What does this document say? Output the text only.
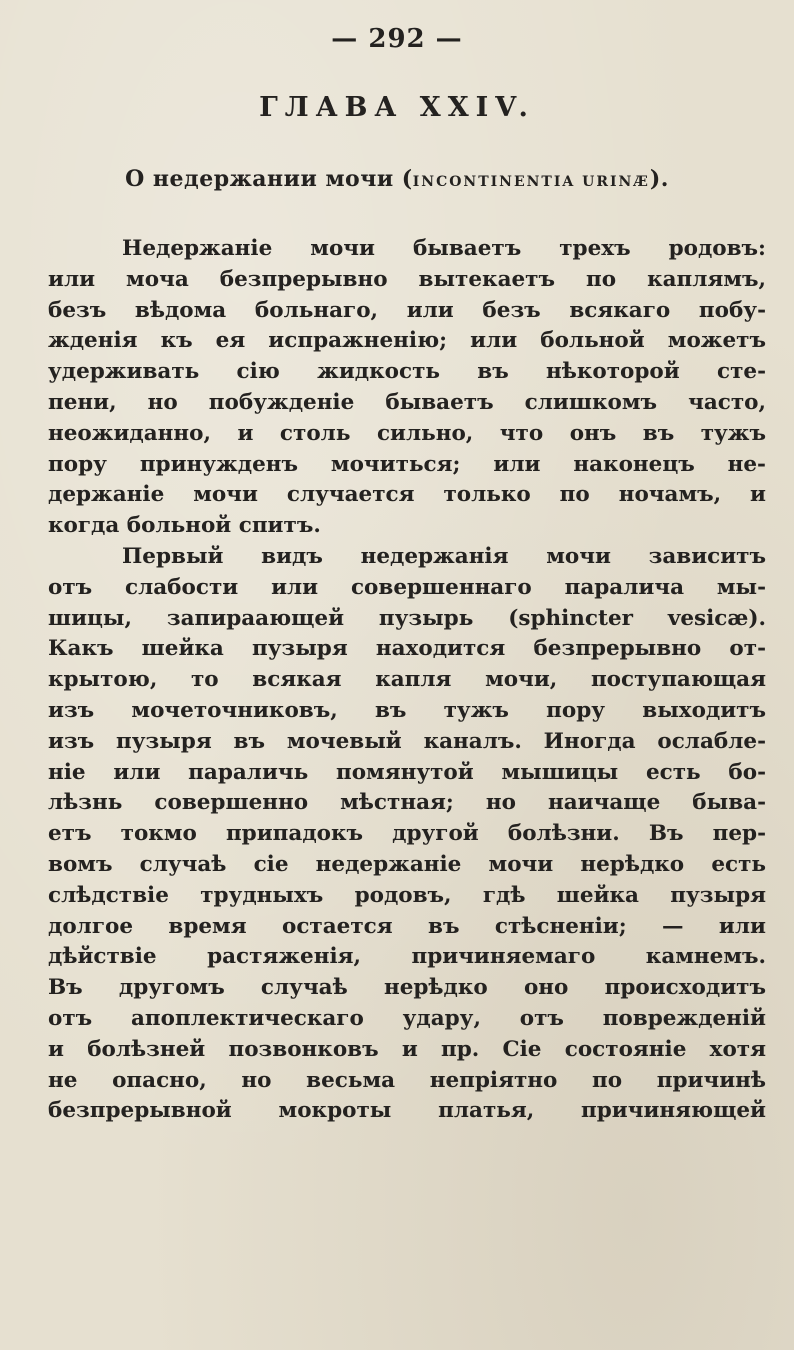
— 292 —
ГЛАВА XXIV.
О недержании мочи (INCONTINENTIA URINÆ).
Недержаніе мочи бываетъ трехъ родовъ:
или моча безпрерывно вытекаетъ по каплямъ,
безъ вѣдома больнаго, или безъ всякаго побу-
жденія къ ея испражненію; или больной можетъ
удерживать сію жидкость въ нѣкоторой сте-
пени, но побужденіе бываетъ слишкомъ часто,
неожиданно, и столь сильно, что онъ въ тужъ
пору принужденъ мочиться; или наконецъ не-
держаніе мочи случается только по ночамъ, и
когда больной спитъ.
Первый видъ недержанія мочи зависитъ
отъ слабости или совершеннаго паралича мы-
шицы, запираающей пузырь (sphincter vesicæ).
Какъ шейка пузыря находится безпрерывно от-
крытою, то всякая капля мочи, поступающая
изъ мочеточниковъ, въ тужъ пору выходитъ
изъ пузыря въ мочевый каналъ. Иногда ослабле-
ніе или параличь помянутой мышицы есть бо-
лѣзнь совершенно мѣстная; но наичаще быва-
етъ токмо припадокъ другой болѣзни. Въ пер-
вомъ случаѣ сіе недержаніе мочи нерѣдко есть
слѣдствіе трудныхъ родовъ, гдѣ шейка пузыря
долгое время остается въ стѣсненіи; — или
дѣйствіе растяженія, причиняемаго камнемъ.
Въ другомъ случаѣ нерѣдко оно происходитъ
отъ апоплектическаго удару, отъ поврежденій
и болѣзней позвонковъ и пр. Сіе состояніе хотя
не опасно, но весьма непріятно по причинѣ
безпрерывной мокроты платья, причиняющей
